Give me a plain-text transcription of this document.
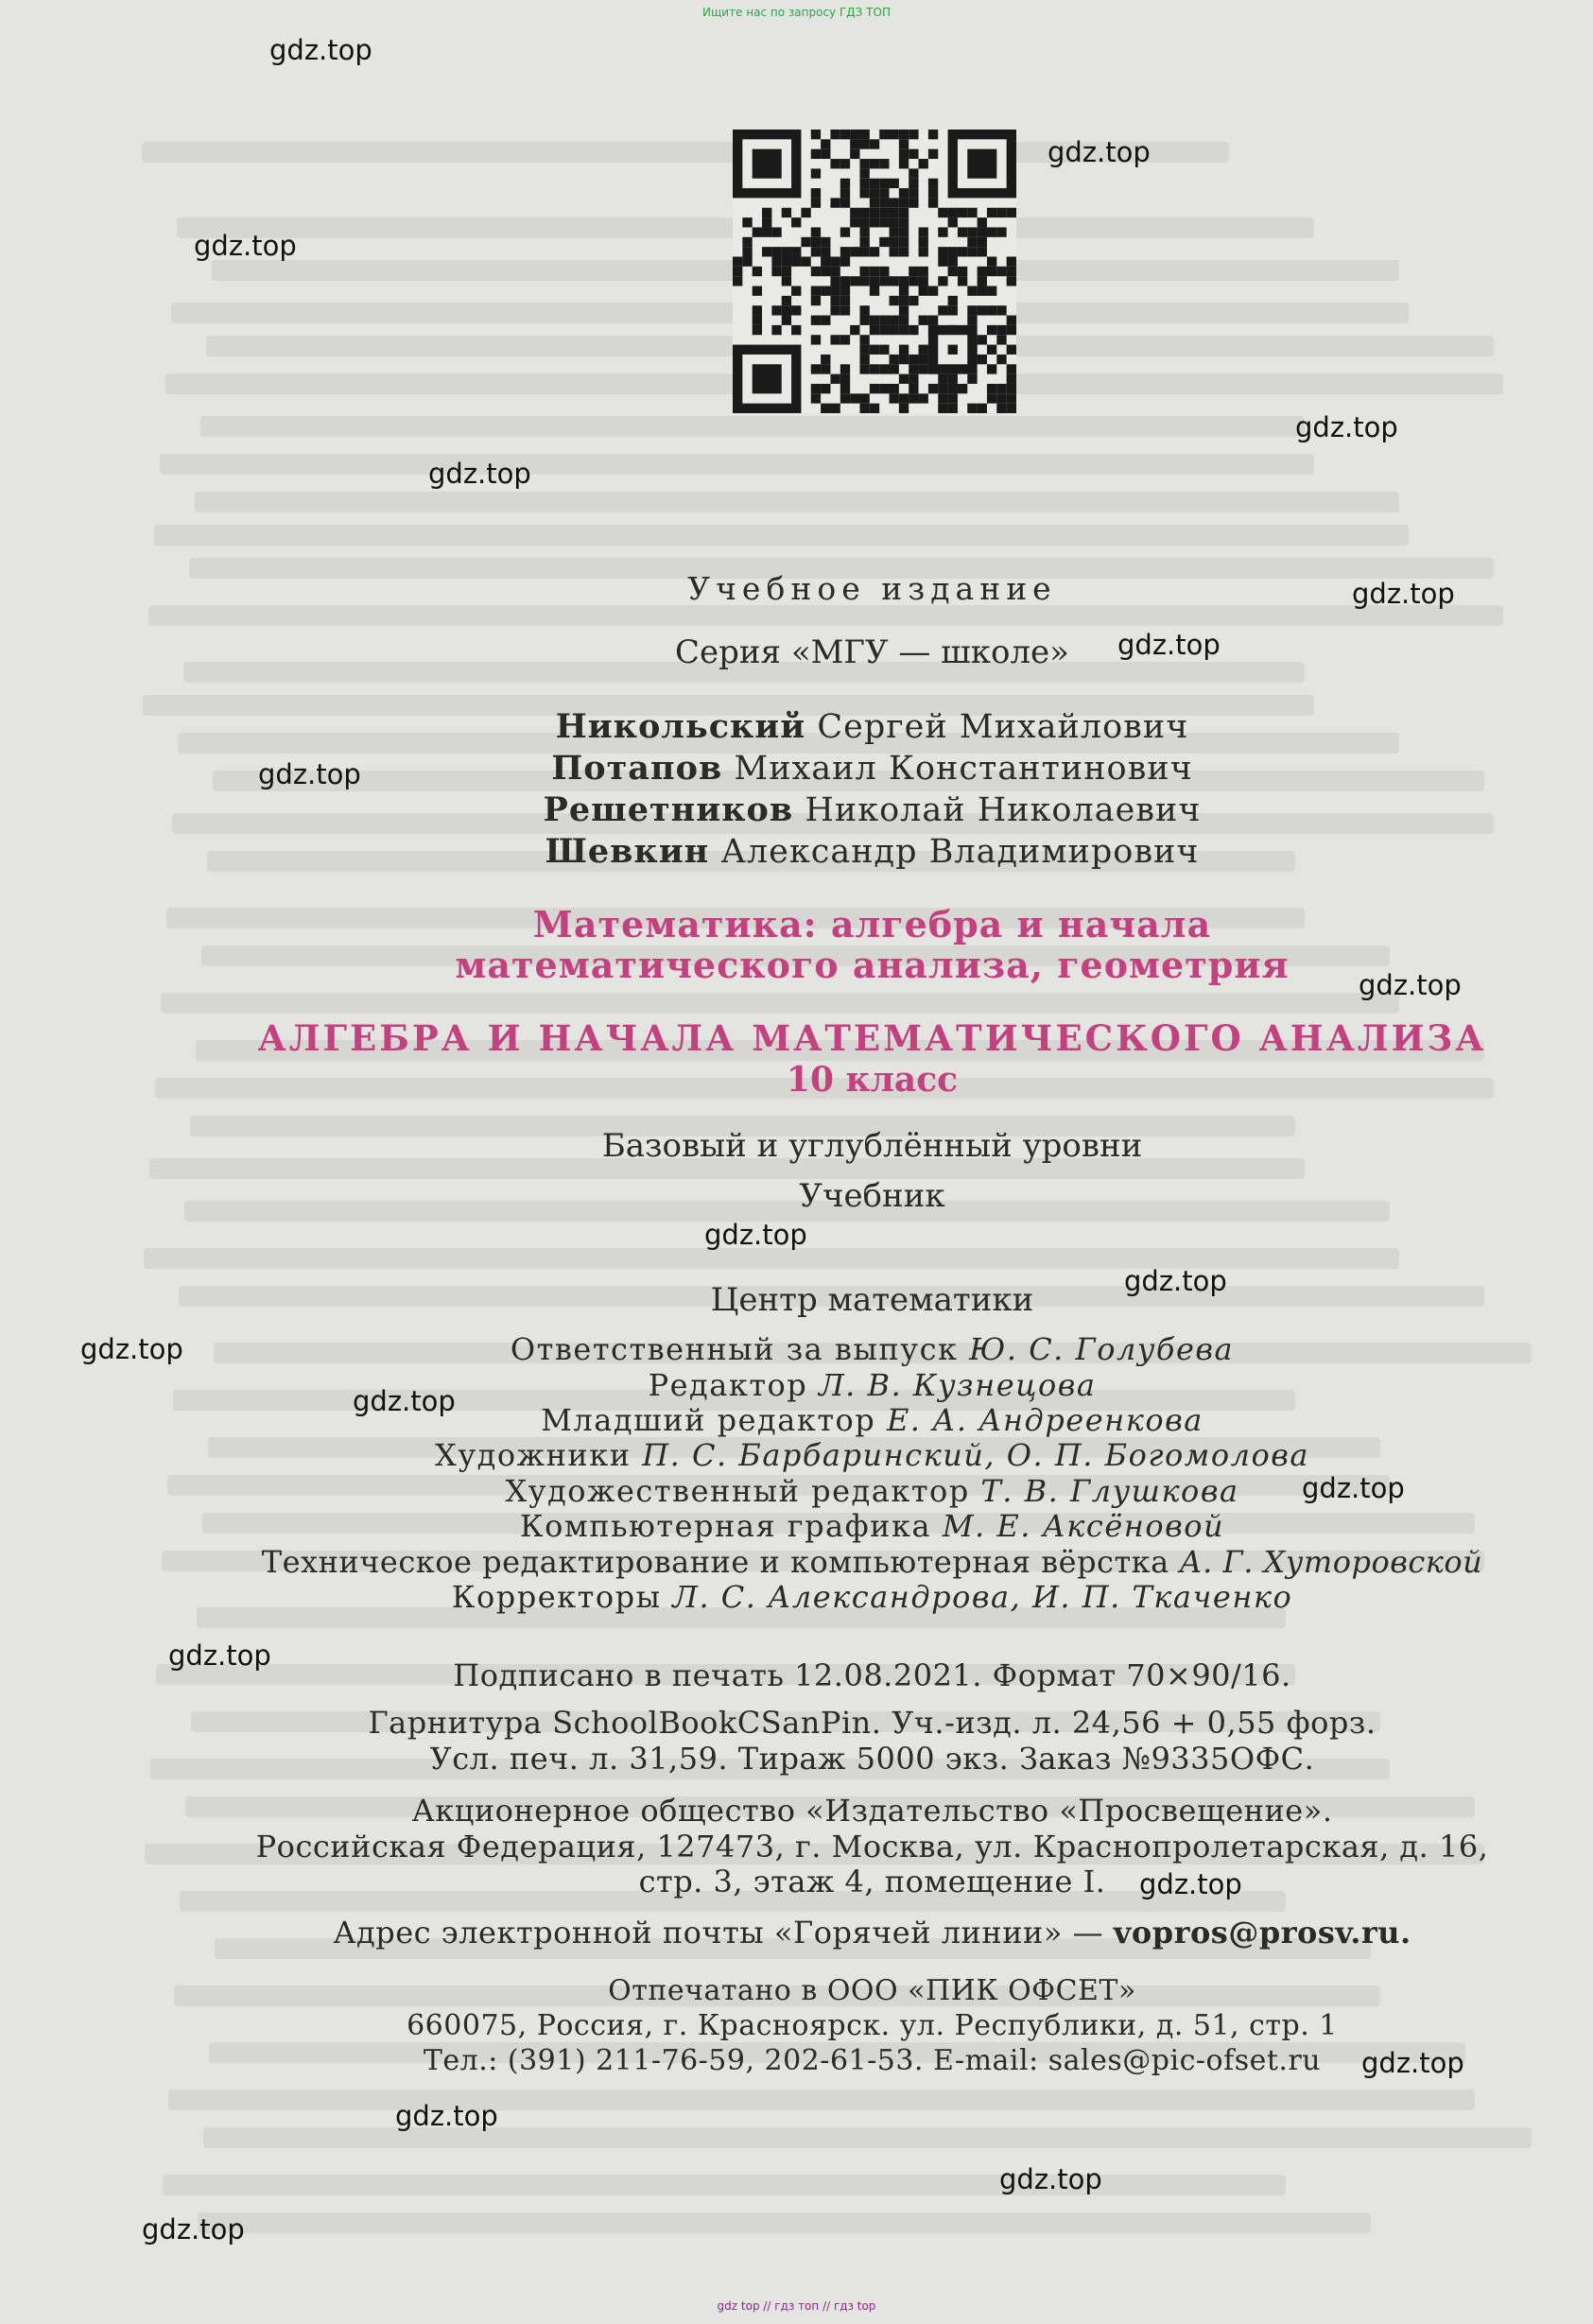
Ищите нас по запросу ГДЗ ТОП
Учебное издание
Серия «МГУ — школе»
Никольский Сергей Михайлович
Потапов Михаил Константинович
Решетников Николай Николаевич
Шевкин Александр Владимирович
Математика: алгебра и начала
математического анализа, геометрия
АЛГЕБРА И НАЧАЛА МАТЕМАТИЧЕСКОГО АНАЛИЗА
10 класс
Базовый и углублённый уровни
Учебник
Центр математики
Ответственный за выпуск Ю. С. Голубева
Редактор Л. В. Кузнецова
Младший редактор Е. А. Андреенкова
Художники П. С. Барбаринский, О. П. Богомолова
Художественный редактор Т. В. Глушкова
Компьютерная графика М. Е. Аксёновой
Техническое редактирование и компьютерная вёрстка А. Г. Хуторовской
Корректоры Л. С. Александрова, И. П. Ткаченко
Подписано в печать 12.08.2021. Формат 70×90/16.
Гарнитура SchoolBookCSanPin. Уч.-изд. л. 24,56 + 0,55 форз.
Усл. печ. л. 31,59. Тираж 5000 экз. Заказ №9335ОФС.
Акционерное общество «Издательство «Просвещение».
Российская Федерация, 127473, г. Москва, ул. Краснопролетарская, д. 16,
стр. 3, этаж 4, помещение I.
Адрес электронной почты «Горячей линии» — vopros@prosv.ru.
Отпечатано в ООО «ПИК ОФСЕТ»
660075, Россия, г. Красноярск. ул. Республики, д. 51, стр. 1
Тел.: (391) 211-76-59, 202-61-53. E-mail: sales@pic-ofset.ru
gdz.top
gdz.top
gdz.top
gdz.top
gdz.top
gdz.top
gdz.top
gdz.top
gdz.top
gdz.top
gdz.top
gdz.top
gdz.top
gdz.top
gdz.top
gdz.top
gdz.top
gdz.top
gdz.top
gdz.top
gdz top // гдз топ // гдз top
